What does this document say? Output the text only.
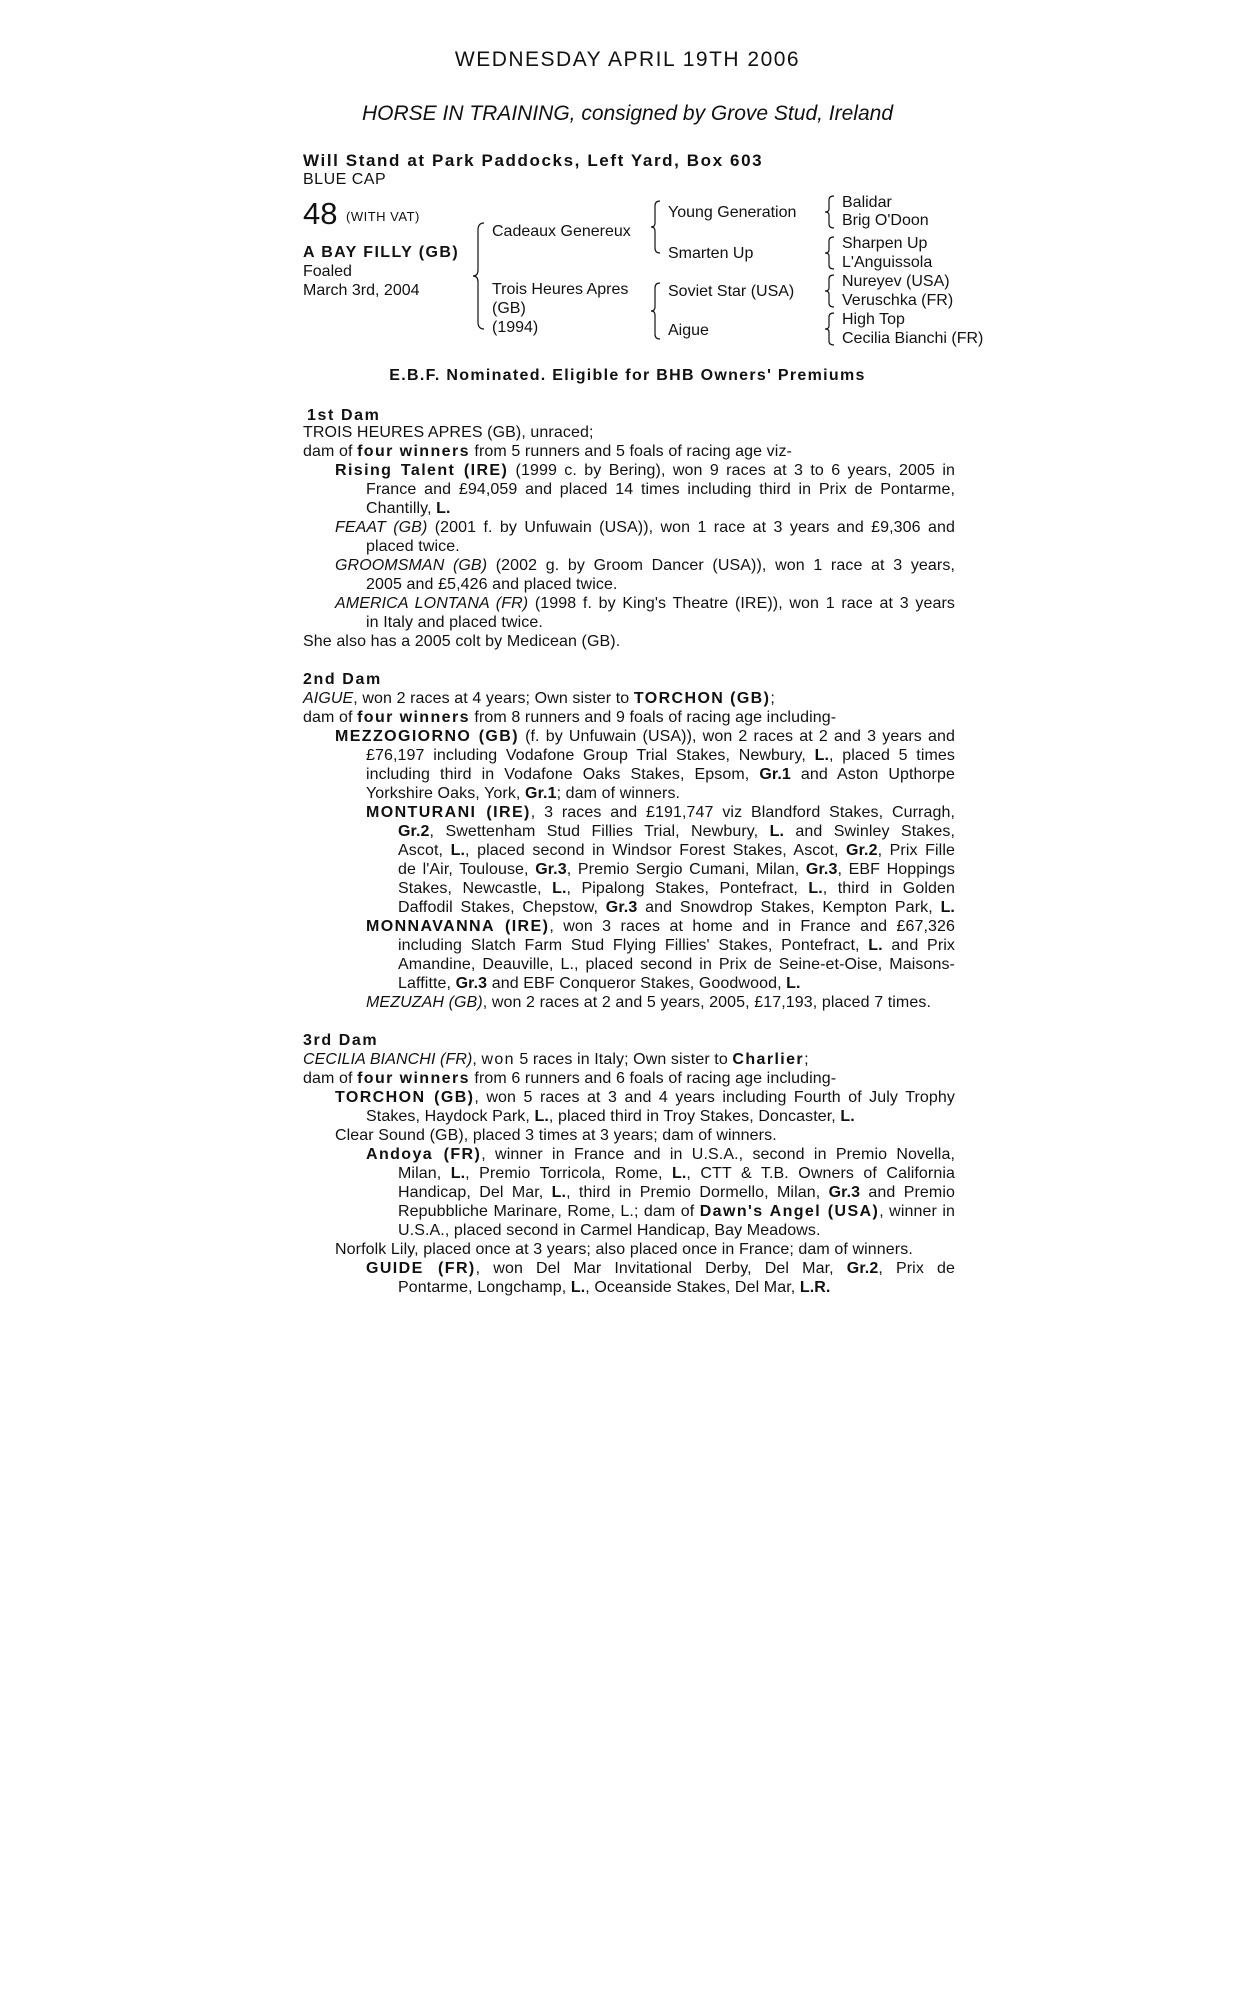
WEDNESDAY APRIL 19TH 2006
HORSE IN TRAINING, consigned by Grove Stud, Ireland
Will Stand at Park Paddocks, Left Yard, Box 603
BLUE CAP
48 (WITH VAT)
A BAY FILLY (GB)
Foaled
March 3rd, 2004
Cadeaux Genereux
Trois Heures Apres
(GB)
(1994)
Young Generation
Smarten Up
Soviet Star (USA)
Aigue
Balidar
Brig O'Doon
Sharpen Up
L'Anguissola
Nureyev (USA)
Veruschka (FR)
High Top
Cecilia Bianchi (FR)
E.B.F. Nominated. Eligible for BHB Owners' Premiums
1st Dam
TROIS HEURES APRES (GB), unraced;
dam of four winners from 5 runners and 5 foals of racing age viz-
Rising Talent (IRE) (1999 c. by Bering), won 9 races at 3 to 6 years, 2005 in
France and £94,059 and placed 14 times including third in Prix de Pontarme,
Chantilly, L.
FEAAT (GB) (2001 f. by Unfuwain (USA)), won 1 race at 3 years and £9,306 and
placed twice.
GROOMSMAN (GB) (2002 g. by Groom Dancer (USA)), won 1 race at 3 years,
2005 and £5,426 and placed twice.
AMERICA LONTANA (FR) (1998 f. by King's Theatre (IRE)), won 1 race at 3 years
in Italy and placed twice.
She also has a 2005 colt by Medicean (GB).
2nd Dam
AIGUE, won 2 races at 4 years; Own sister to TORCHON (GB);
dam of four winners from 8 runners and 9 foals of racing age including-
MEZZOGIORNO (GB) (f. by Unfuwain (USA)), won 2 races at 2 and 3 years and
£76,197 including Vodafone Group Trial Stakes, Newbury, L., placed 5 times
including third in Vodafone Oaks Stakes, Epsom, Gr.1 and Aston Upthorpe
Yorkshire Oaks, York, Gr.1; dam of winners.
MONTURANI (IRE), 3 races and £191,747 viz Blandford Stakes, Curragh,
Gr.2, Swettenham Stud Fillies Trial, Newbury, L. and Swinley Stakes,
Ascot, L., placed second in Windsor Forest Stakes, Ascot, Gr.2, Prix Fille
de l'Air, Toulouse, Gr.3, Premio Sergio Cumani, Milan, Gr.3, EBF Hoppings
Stakes, Newcastle, L., Pipalong Stakes, Pontefract, L., third in Golden
Daffodil Stakes, Chepstow, Gr.3 and Snowdrop Stakes, Kempton Park, L.
MONNAVANNA (IRE), won 3 races at home and in France and £67,326
including Slatch Farm Stud Flying Fillies' Stakes, Pontefract, L. and Prix
Amandine, Deauville, L., placed second in Prix de Seine-et-Oise, Maisons-
Laffitte, Gr.3 and EBF Conqueror Stakes, Goodwood, L.
MEZUZAH (GB), won 2 races at 2 and 5 years, 2005, £17,193, placed 7 times.
3rd Dam
CECILIA BIANCHI (FR), won 5 races in Italy; Own sister to Charlier;
dam of four winners from 6 runners and 6 foals of racing age including-
TORCHON (GB), won 5 races at 3 and 4 years including Fourth of July Trophy
Stakes, Haydock Park, L., placed third in Troy Stakes, Doncaster, L.
Clear Sound (GB), placed 3 times at 3 years; dam of winners.
Andoya (FR), winner in France and in U.S.A., second in Premio Novella,
Milan, L., Premio Torricola, Rome, L., CTT & T.B. Owners of California
Handicap, Del Mar, L., third in Premio Dormello, Milan, Gr.3 and Premio
Repubbliche Marinare, Rome, L.; dam of Dawn's Angel (USA), winner in
U.S.A., placed second in Carmel Handicap, Bay Meadows.
Norfolk Lily, placed once at 3 years; also placed once in France; dam of winners.
GUIDE (FR), won Del Mar Invitational Derby, Del Mar, Gr.2, Prix de
Pontarme, Longchamp, L., Oceanside Stakes, Del Mar, L.R.
